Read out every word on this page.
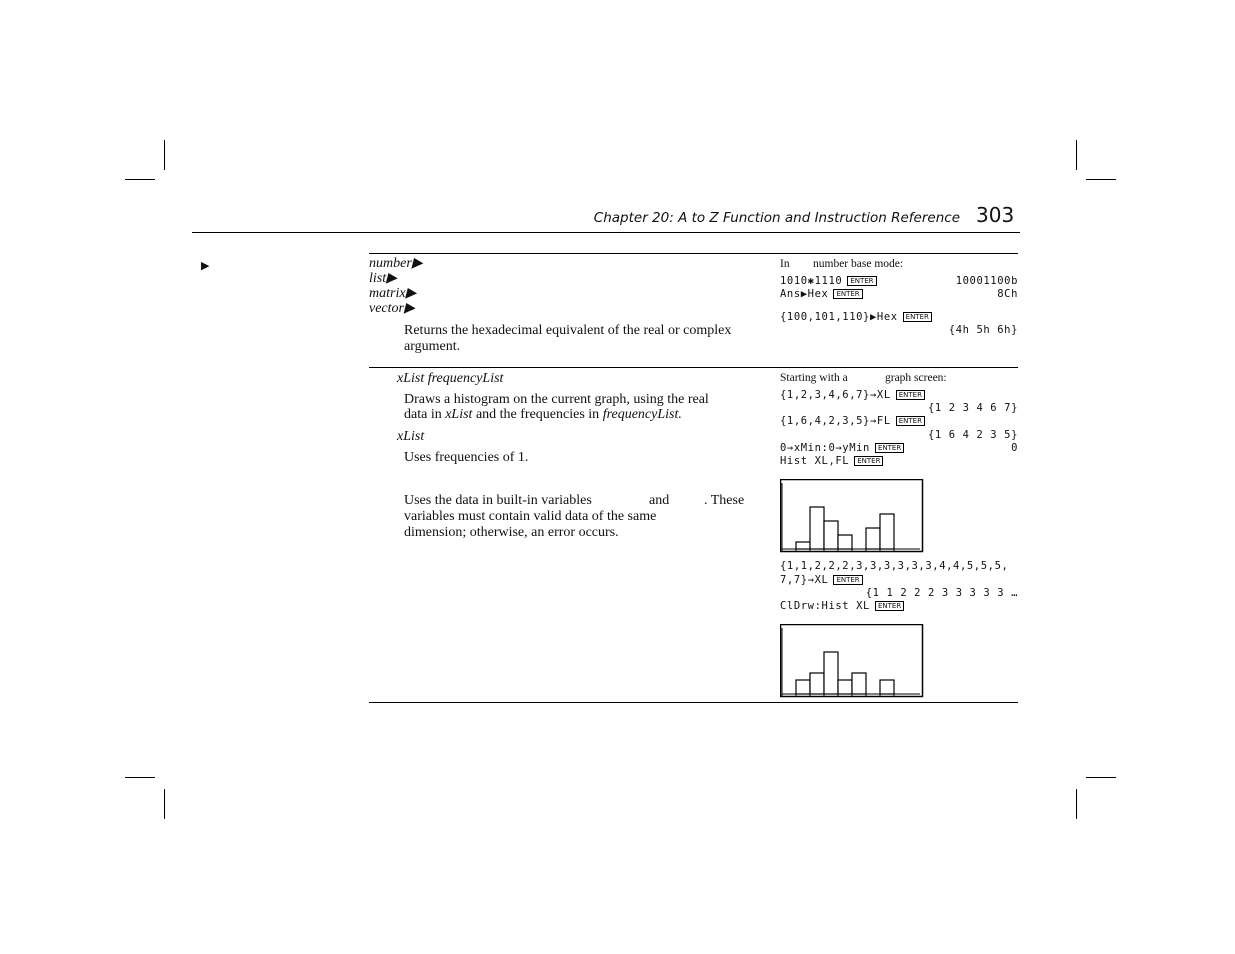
Chapter 20: A to Z Function and Instruction Reference 303
▶	number▶
list▶
matrix▶
vector▶
Returns the hexadecimal equivalent of the real or complex argument.
In number base mode:
1010✱1110 ENTER	10001100b
Ans▶Hex ENTER	8Ch
{100,101,110}▶Hex ENTER
{4h 5h 6h}
xList frequencyList
Draws a histogram on the current graph, using the real
data in xList and the frequencies in frequencyList.
xList
Uses frequencies of 1.
Uses the data in built-in variables	and . These
variables must contain valid data of the same
dimension; otherwise, an error occurs.
Starting with a	graph screen:
{1,2,3,4,6,7}→XL ENTER
{1 2 3 4 6 7}
{1,6,4,2,3,5}→FL ENTER
{1 6 4 2 3 5}
0→xMin:0→yMin ENTER	0
Hist XL,FL ENTER
{1,1,2,2,2,3,3,3,3,3,3,4,4,5,5,5,
7,7}→XL ENTER
{1 1 2 2 2 3 3 3 3 3 …
ClDrw:Hist XL ENTER
